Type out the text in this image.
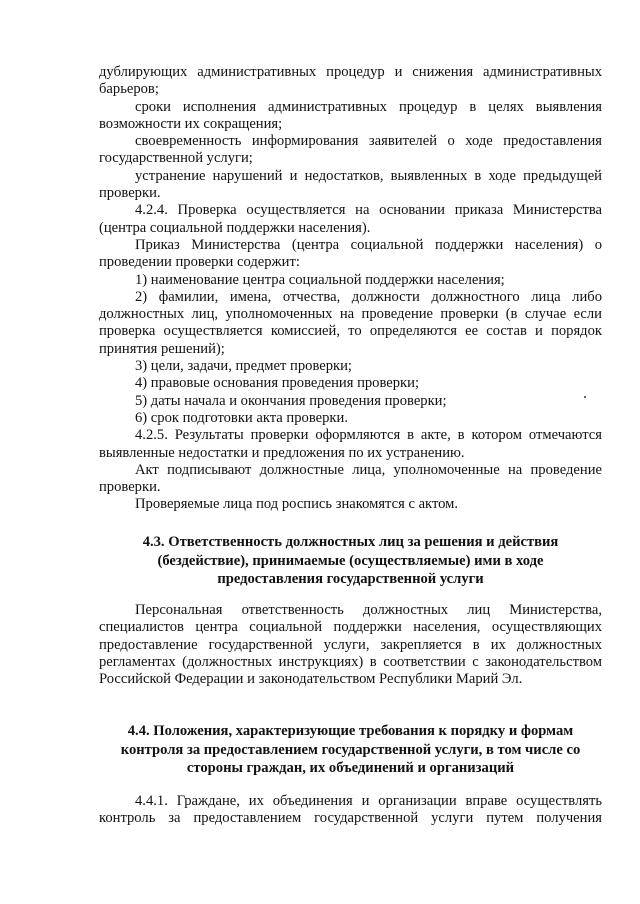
дублирующих административных процедур и снижения административных барьеров;

сроки исполнения административных процедур в целях выявления возможности их сокращения;

своевременность информирования заявителей о ходе предоставления государственной услуги;

устранение нарушений и недостатков, выявленных в ходе предыдущей проверки.

4.2.4. Проверка осуществляется на основании приказа Министерства (центра социальной поддержки населения).

Приказ Министерства (центра социальной поддержки населения) о проведении проверки содержит:

1) наименование центра социальной поддержки населения;

2) фамилии, имена, отчества, должности должностного лица либо должностных лиц, уполномоченных на проведение проверки (в случае если проверка осуществляется комиссией, то определяются ее состав и порядок принятия решений);

3) цели, задачи, предмет проверки;

4) правовые основания проведения проверки;

5) даты начала и окончания проведения проверки;

6) срок подготовки акта проверки.

4.2.5. Результаты проверки оформляются в акте, в котором отмечаются выявленные недостатки и предложения по их устранению.

Акт подписывают должностные лица, уполномоченные на проведение проверки.

Проверяемые лица под роспись знакомятся с актом.

4.3. Ответственность должностных лиц за решения и действия

(бездействие), принимаемые (осуществляемые) ими в ходе

предоставления государственной услуги

Персональная ответственность должностных лиц Министерства, специалистов центра социальной поддержки населения, осуществляющих предоставление государственной услуги, закрепляется в их должностных регламентах (должностных инструкциях) в соответствии с законодательством Российской Федерации и законодательством Республики Марий Эл.

4.4. Положения, характеризующие требования к порядку и формам

контроля за предоставлением государственной услуги, в том числе со

стороны граждан, их объединений и организаций

4.4.1. Граждане, их объединения и организации вправе осуществлять контроль за предоставлением государственной услуги путем получения
